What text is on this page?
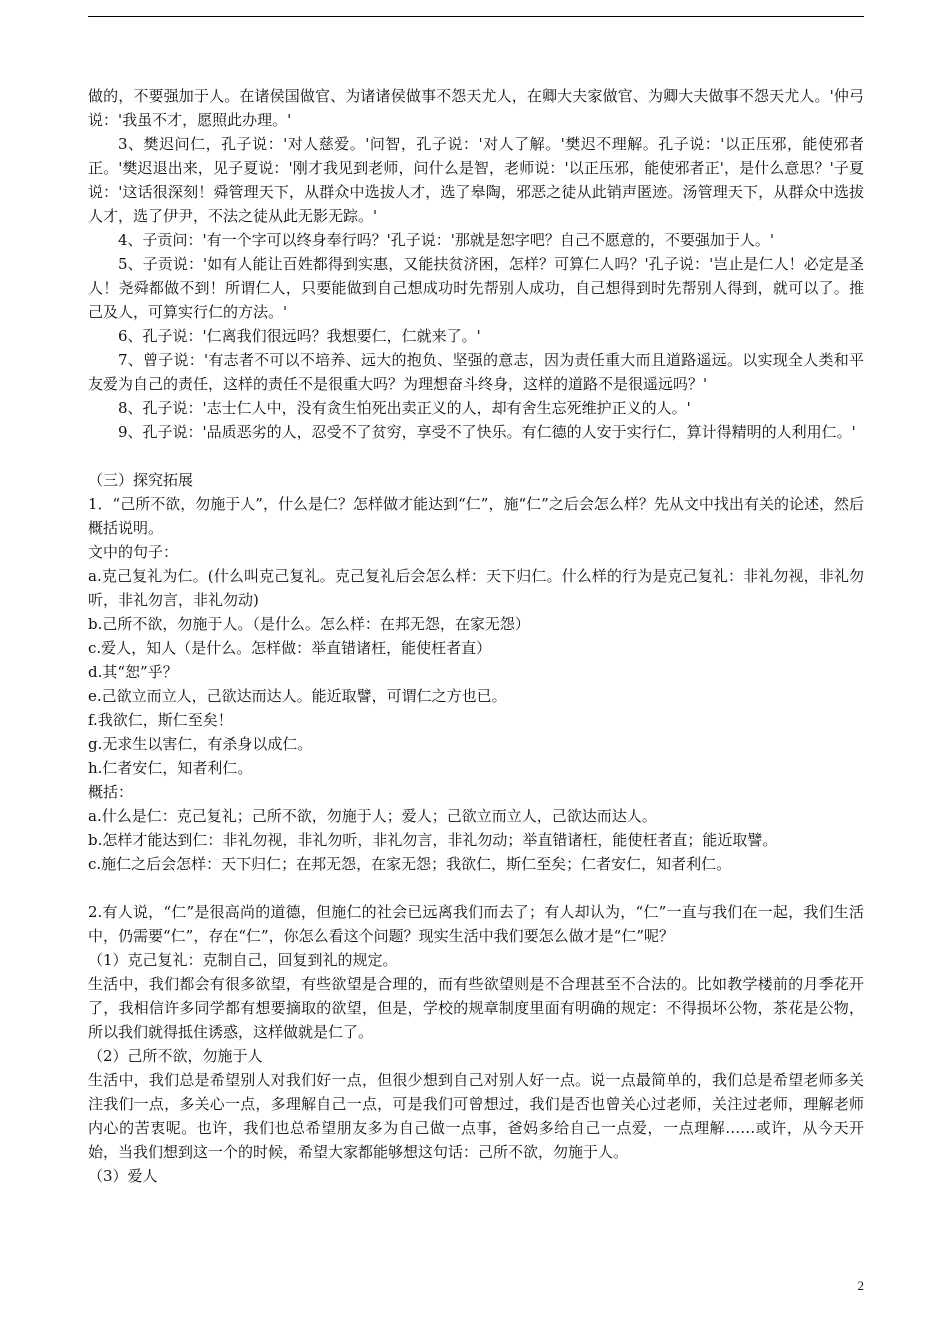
做的，不要强加于人。在诸侯国做官、为诸诸侯做事不怨天尤人，在卿大夫家做官、为卿大夫做事不怨天尤人。'仲弓说：'我虽不才，愿照此办理。'

3、樊迟问仁，孔子说：'对人慈爱。'问智，孔子说：'对人了解。'樊迟不理解。孔子说：'以正压邪，能使邪者正。'樊迟退出来，见子夏说：'刚才我见到老师，问什么是智，老师说：'以正压邪，能使邪者正'，是什么意思？'子夏说：'这话很深刻！舜管理天下，从群众中选拔人才，选了皋陶，邪恶之徒从此销声匿迹。汤管理天下，从群众中选拔人才，选了伊尹，不法之徒从此无影无踪。'

4、子贡问：'有一个字可以终身奉行吗？'孔子说：'那就是恕字吧？自己不愿意的，不要强加于人。'

5、子贡说：'如有人能让百姓都得到实惠，又能扶贫济困，怎样？可算仁人吗？'孔子说：'岂止是仁人！必定是圣人！尧舜都做不到！所谓仁人，只要能做到自己想成功时先帮别人成功，自己想得到时先帮别人得到，就可以了。推己及人，可算实行仁的方法。'

6、孔子说：'仁离我们很远吗？我想要仁，仁就来了。'

7、曾子说：'有志者不可以不培养、远大的抱负、坚强的意志，因为责任重大而且道路遥远。以实现全人类和平友爱为自己的责任，这样的责任不是很重大吗？为理想奋斗终身，这样的道路不是很遥远吗？'

8、孔子说：'志士仁人中，没有贪生怕死出卖正义的人，却有舍生忘死维护正义的人。'

9、孔子说：'品质恶劣的人，忍受不了贫穷，享受不了快乐。有仁德的人安于实行仁，算计得精明的人利用仁。'

（三）探究拓展

1．“己所不欲，勿施于人”，什么是仁？怎样做才能达到“仁”，施“仁”之后会怎么样？先从文中找出有关的论述，然后概括说明。

文中的句子：

a.克己复礼为仁。(什么叫克己复礼。克己复礼后会怎么样：天下归仁。什么样的行为是克己复礼：非礼勿视，非礼勿听，非礼勿言，非礼勿动)

b.己所不欲，勿施于人。（是什么。怎么样：在邦无怨，在家无怨）

c.爱人，知人（是什么。怎样做：举直错诸枉，能使枉者直）

d.其“恕”乎？

e.己欲立而立人，己欲达而达人。能近取譬，可谓仁之方也已。

f.我欲仁，斯仁至矣！

g.无求生以害仁，有杀身以成仁。

h.仁者安仁，知者利仁。

概括：

a.什么是仁：克己复礼；己所不欲，勿施于人；爱人；己欲立而立人，己欲达而达人。

b.怎样才能达到仁：非礼勿视，非礼勿听，非礼勿言，非礼勿动；举直错诸枉，能使枉者直；能近取譬。

c.施仁之后会怎样：天下归仁；在邦无怨，在家无怨；我欲仁，斯仁至矣；仁者安仁，知者利仁。

2.有人说，“仁”是很高尚的道德，但施仁的社会已远离我们而去了；有人却认为，“仁”一直与我们在一起，我们生活中，仍需要“仁”，存在“仁”，你怎么看这个问题？现实生活中我们要怎么做才是“仁”呢？

（1）克己复礼：克制自己，回复到礼的规定。

生活中，我们都会有很多欲望，有些欲望是合理的，而有些欲望则是不合理甚至不合法的。比如教学楼前的月季花开了，我相信许多同学都有想要摘取的欲望，但是，学校的规章制度里面有明确的规定：不得损坏公物，茶花是公物，所以我们就得抵住诱惑，这样做就是仁了。

（2）己所不欲，勿施于人

生活中，我们总是希望别人对我们好一点，但很少想到自己对别人好一点。说一点最简单的，我们总是希望老师多关注我们一点，多关心一点，多理解自己一点，可是我们可曾想过，我们是否也曾关心过老师，关注过老师，理解老师内心的苦衷呢。也许，我们也总希望朋友多为自己做一点事，爸妈多给自己一点爱，一点理解……或许，从今天开始，当我们想到这一个的时候，希望大家都能够想这句话：己所不欲，勿施于人。

（3）爱人

2
